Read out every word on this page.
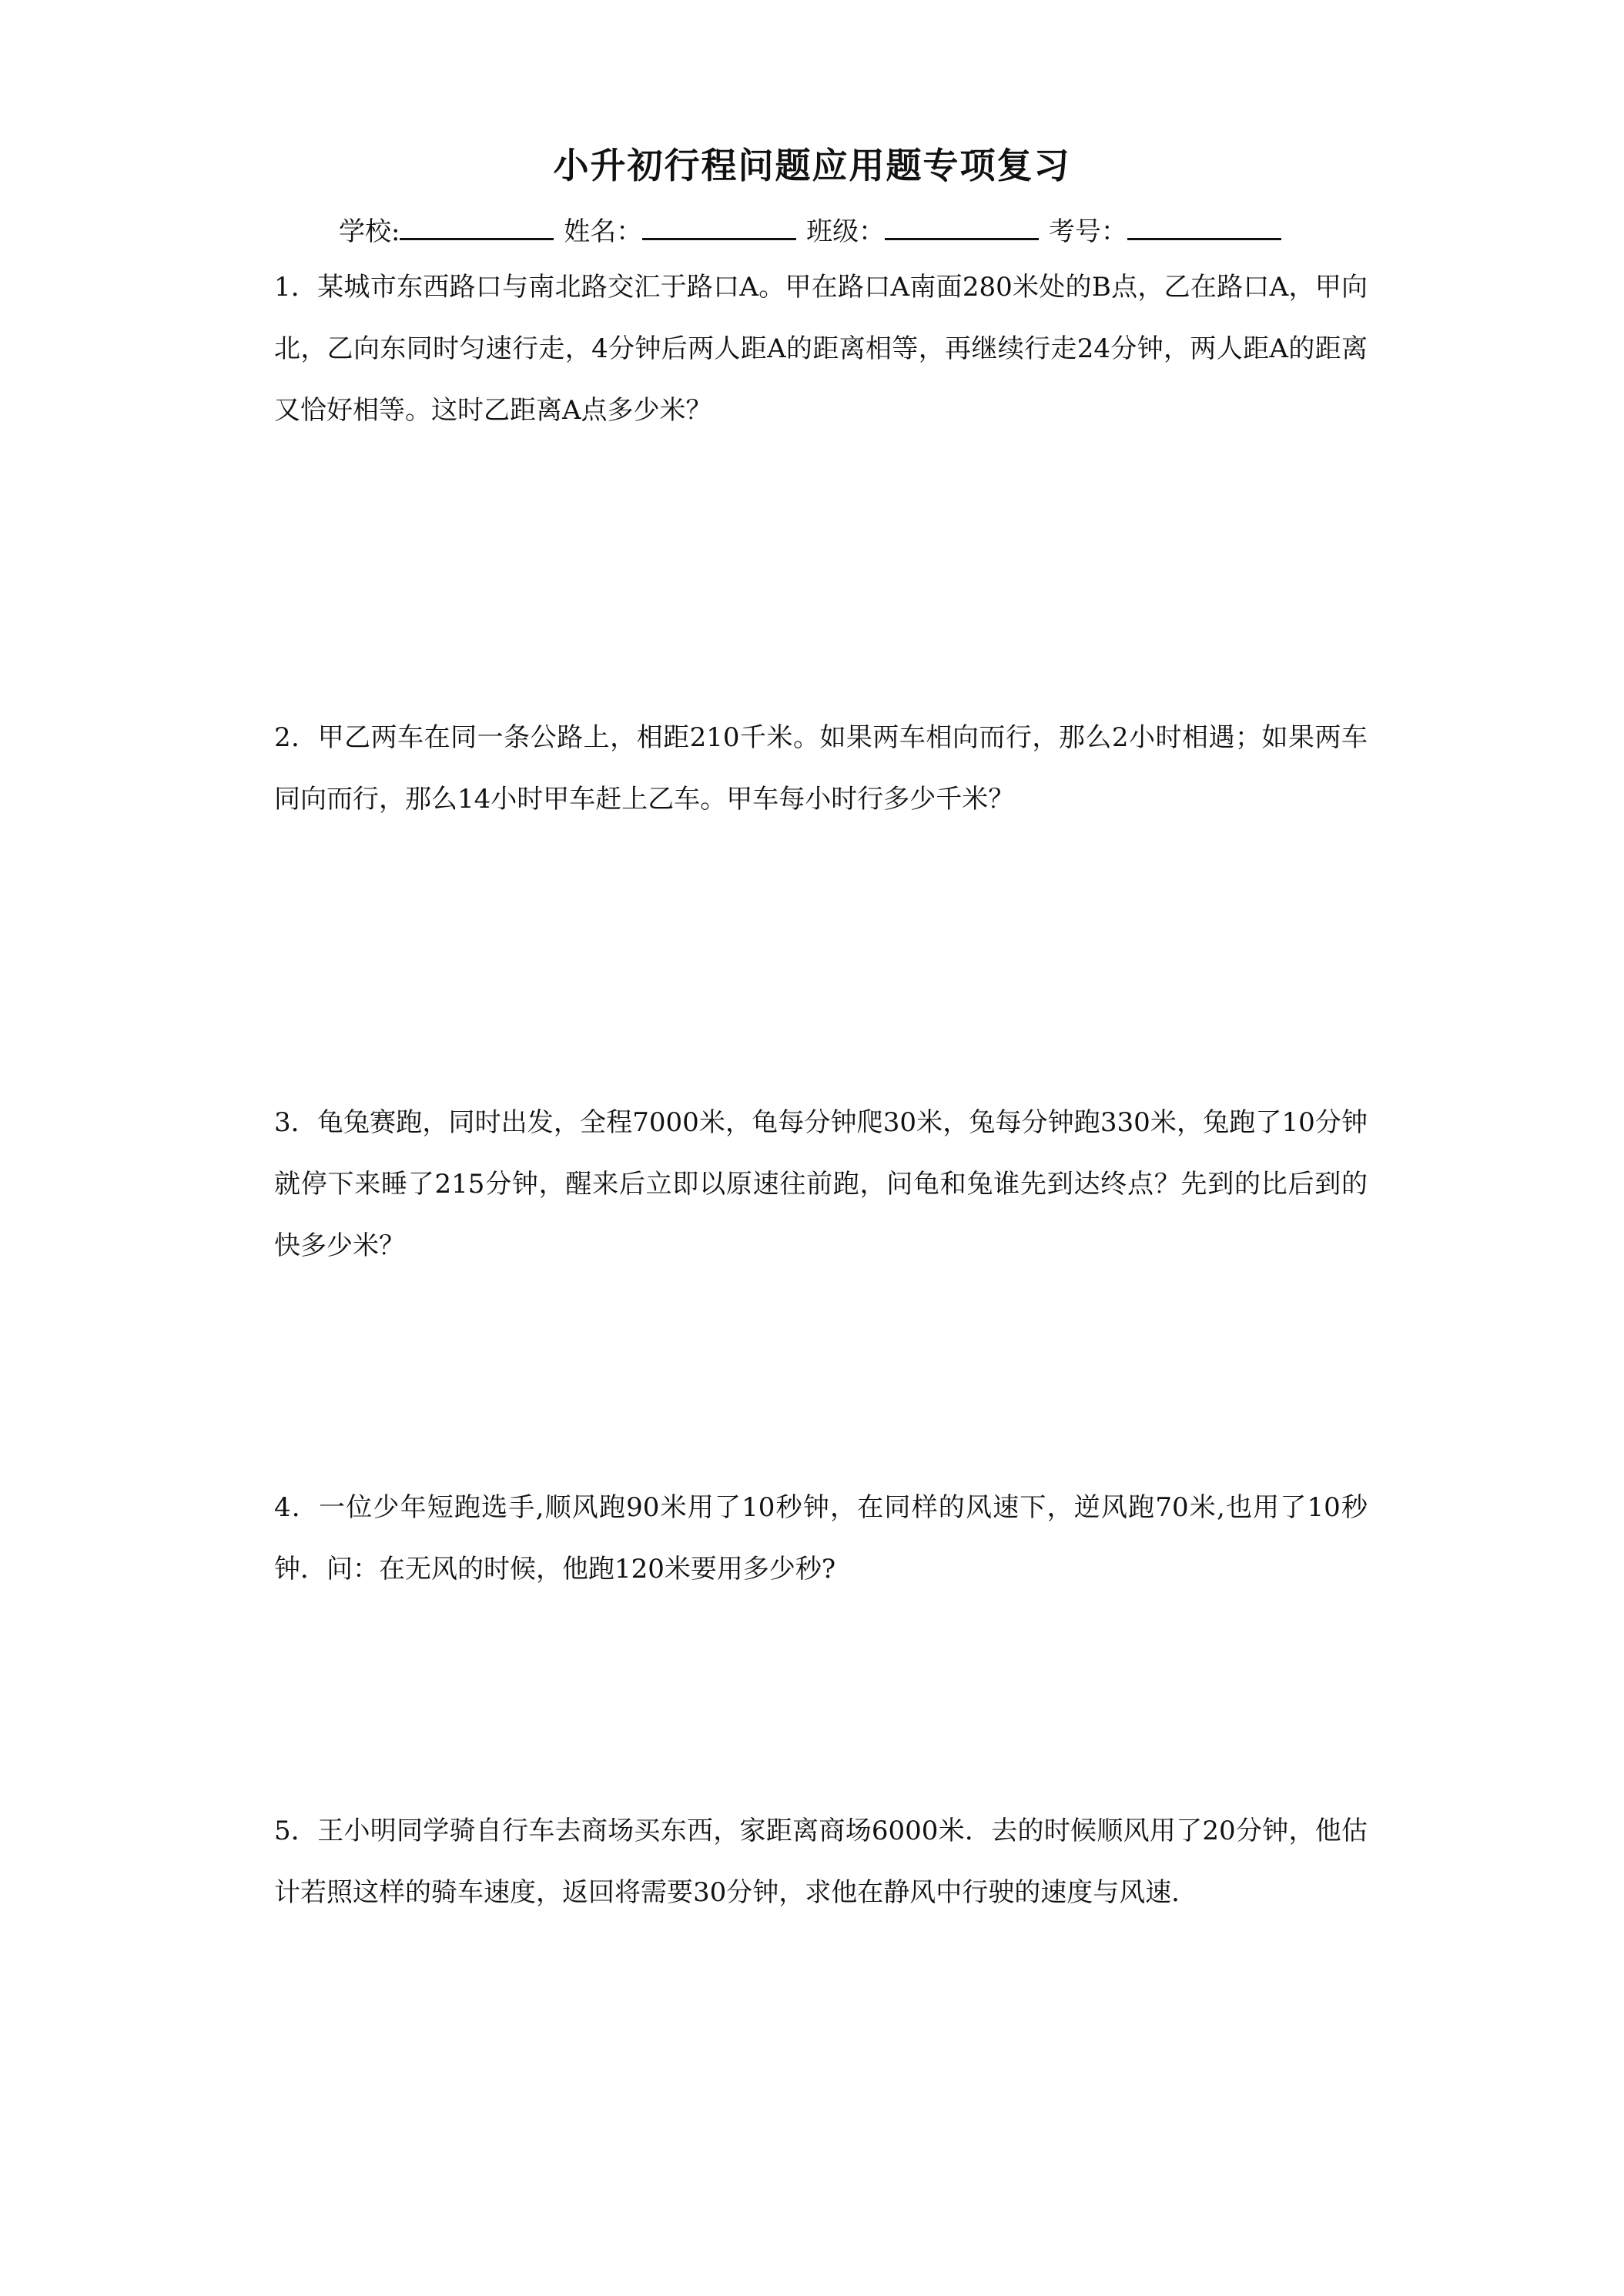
小升初行程问题应用题专项复习
学校:	姓名：	班级：	考号：
1．某城市东西路口与南北路交汇于路口A。甲在路口A南面280米处的B点，乙在路口A，甲向北，乙向东同时匀速行走，4分钟后两人距A的距离相等，再继续行走24分钟，两人距A的距离又恰好相等。这时乙距离A点多少米？
2．甲乙两车在同一条公路上，相距210千米。如果两车相向而行，那么2小时相遇；如果两车同向而行，那么14小时甲车赶上乙车。甲车每小时行多少千米？
3．龟兔赛跑，同时出发，全程7000米，龟每分钟爬30米，兔每分钟跑330米，兔跑了10分钟就停下来睡了215分钟，醒来后立即以原速往前跑，问龟和兔谁先到达终点？先到的比后到的快多少米？
4．一位少年短跑选手,顺风跑90米用了10秒钟，在同样的风速下，逆风跑70米,也用了10秒钟．问：在无风的时候，他跑120米要用多少秒?
5．王小明同学骑自行车去商场买东西，家距离商场6000米．去的时候顺风用了20分钟，他估计若照这样的骑车速度，返回将需要30分钟，求他在静风中行驶的速度与风速．
